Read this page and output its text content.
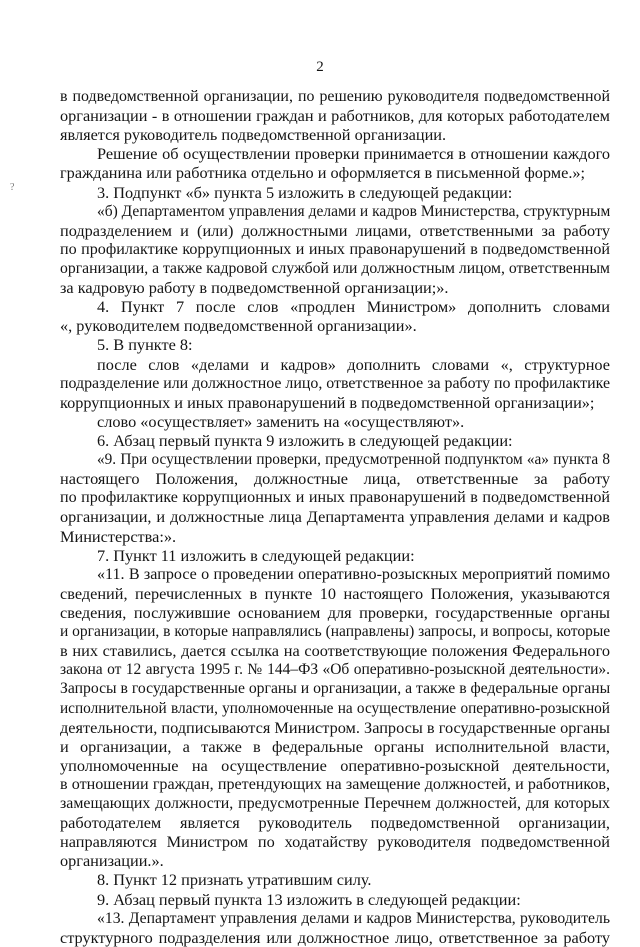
2
?
в подведомственной организации, по решению руководителя подведомственной
организации - в отношении граждан и работников, для которых работодателем
является руководитель подведомственной организации.
Решение об осуществлении проверки принимается в отношении каждого
гражданина или работника отдельно и оформляется в письменной форме.»;
3. Подпункт «б» пункта 5 изложить в следующей редакции:
«б) Департаментом управления делами и кадров Министерства, структурным
подразделением и (или) должностными лицами, ответственными за работу
по профилактике коррупционных и иных правонарушений в подведомственной
организации, а также кадровой службой или должностным лицом, ответственным
за кадровую работу в подведомственной организации;».
4. Пункт 7 после слов «продлен Министром» дополнить словами
«, руководителем подведомственной организации».
5. В пункте 8:
после слов «делами и кадров» дополнить словами «, структурное
подразделение или должностное лицо, ответственное за работу по профилактике
коррупционных и иных правонарушений в подведомственной организации»;
слово «осуществляет» заменить на «осуществляют».
6. Абзац первый пункта 9 изложить в следующей редакции:
«9. При осуществлении проверки, предусмотренной подпунктом «а» пункта 8
настоящего Положения, должностные лица, ответственные за работу
по профилактике коррупционных и иных правонарушений в подведомственной
организации, и должностные лица Департамента управления делами и кадров
Министерства:».
7. Пункт 11 изложить в следующей редакции:
«11. В запросе о проведении оперативно-розыскных мероприятий помимо
сведений, перечисленных в пункте 10 настоящего Положения, указываются
сведения, послужившие основанием для проверки, государственные органы
и организации, в которые направлялись (направлены) запросы, и вопросы, которые
в них ставились, дается ссылка на соответствующие положения Федерального
закона от 12 августа 1995 г. № 144–ФЗ «Об оперативно-розыскной деятельности».
Запросы в государственные органы и организации, а также в федеральные органы
исполнительной власти, уполномоченные на осуществление оперативно-розыскной
деятельности, подписываются Министром. Запросы в государственные органы
и организации, а также в федеральные органы исполнительной власти,
уполномоченные на осуществление оперативно-розыскной деятельности,
в отношении граждан, претендующих на замещение должностей, и работников,
замещающих должности, предусмотренные Перечнем должностей, для которых
работодателем является руководитель подведомственной организации,
направляются Министром по ходатайству руководителя подведомственной
организации.».
8. Пункт 12 признать утратившим силу.
9. Абзац первый пункта 13 изложить в следующей редакции:
«13. Департамент управления делами и кадров Министерства, руководитель
структурного подразделения или должностное лицо, ответственное за работу
